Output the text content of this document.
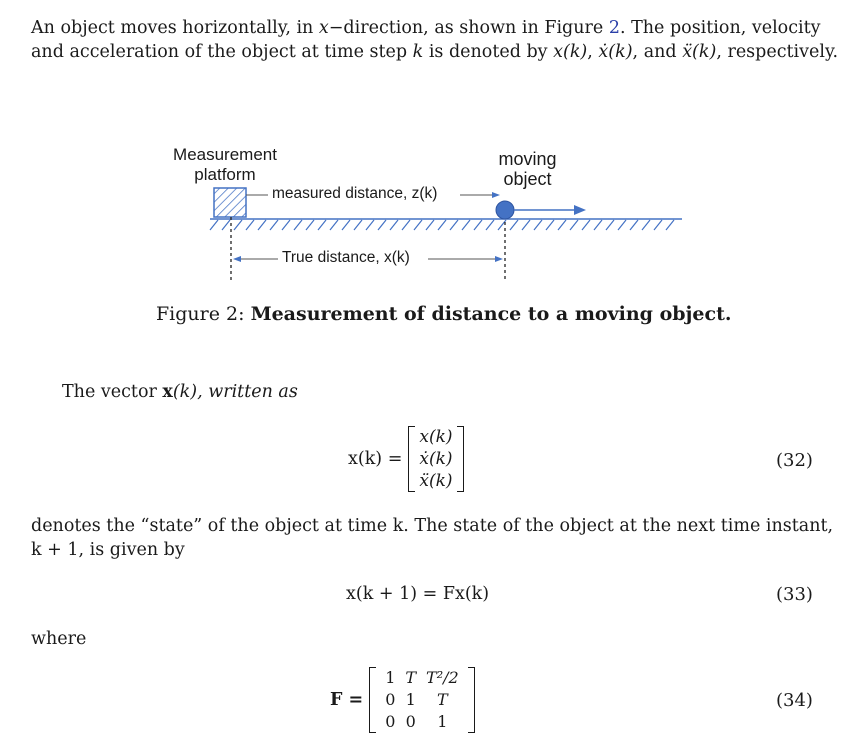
An object moves horizontally, in x−direction, as shown in Figure 2. The position, velocity
and acceleration of the object at time step k is denoted by x(k), ẋ(k), and ẍ(k), respectively.
Measurement
platform
moving
object
measured distance, z(k)
True distance, x(k)
Figure 2: Measurement of distance to a moving object.
The vector x(k), written as
x(k) =
x(k)
ẋ(k)
ẍ(k)
(32)
denotes the “state” of the object at time k. The state of the object at the next time instant,
k + 1, is given by
x(k + 1) = Fx(k)	(33)
where
F =
1	T	T²/2
0	1	T
0	0	1
(34)
